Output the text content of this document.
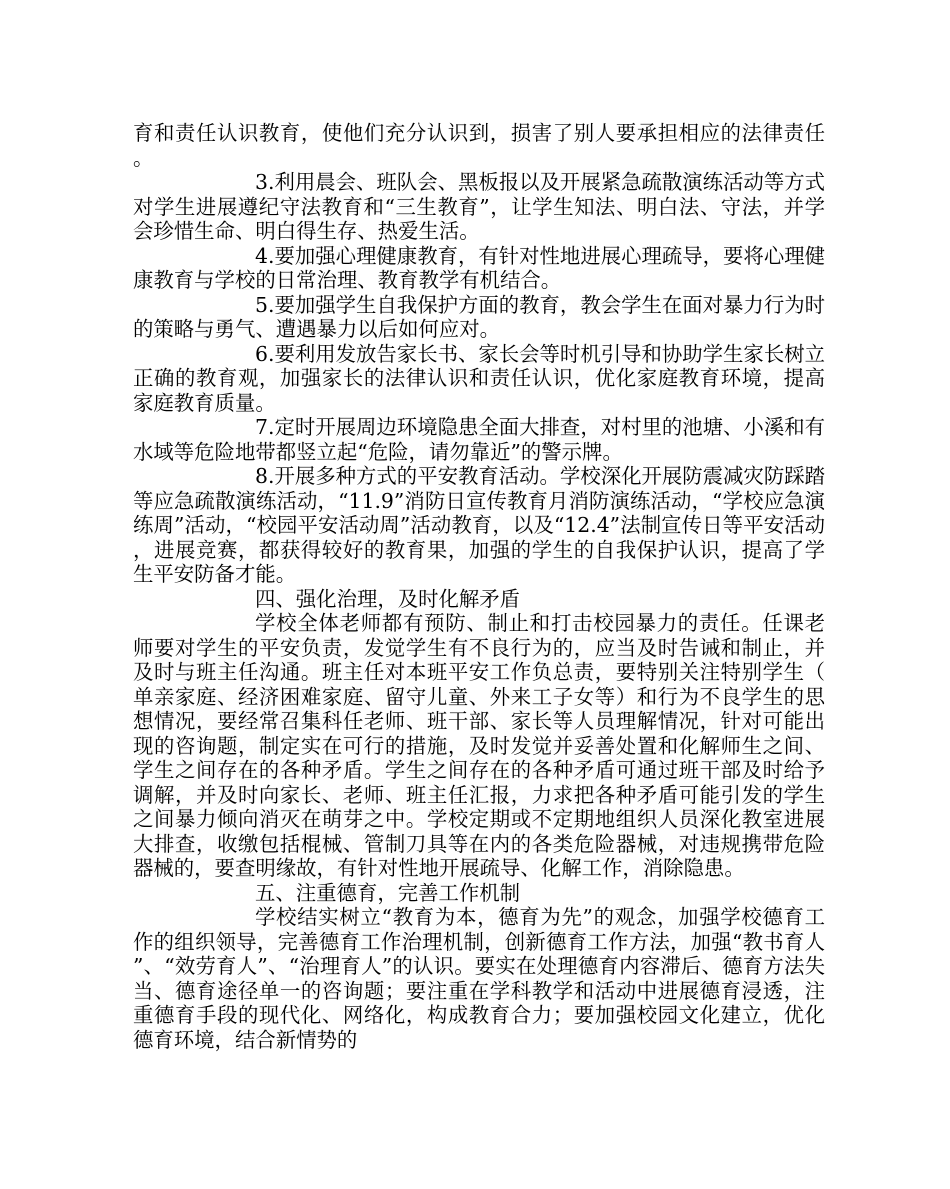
育和责任认识教育，使他们充分认识到，损害了别人要承担相应的法律责任。

3.利用晨会、班队会、黑板报以及开展紧急疏散演练活动等方式对学生进展遵纪守法教育和“三生教育”，让学生知法、明白法、守法，并学会珍惜生命、明白得生存、热爱生活。

4.要加强心理健康教育，有针对性地进展心理疏导，要将心理健康教育与学校的日常治理、教育教学有机结合。

5.要加强学生自我保护方面的教育，教会学生在面对暴力行为时的策略与勇气、遭遇暴力以后如何应对。

6.要利用发放告家长书、家长会等时机引导和协助学生家长树立正确的教育观，加强家长的法律认识和责任认识，优化家庭教育环境，提高家庭教育质量。

7.定时开展周边环境隐患全面大排查，对村里的池塘、小溪和有水域等危险地带都竖立起“危险，请勿靠近”的警示牌。

8.开展多种方式的平安教育活动。学校深化开展防震减灾防踩踏等应急疏散演练活动，“11.9”消防日宣传教育月消防演练活动，“学校应急演练周”活动，“校园平安活动周”活动教育，以及“12.4”法制宣传日等平安活动，进展竞赛，都获得较好的教育果，加强的学生的自我保护认识，提高了学生平安防备才能。

四、强化治理，及时化解矛盾

学校全体老师都有预防、制止和打击校园暴力的责任。任课老师要对学生的平安负责，发觉学生有不良行为的，应当及时告诫和制止，并及时与班主任沟通。班主任对本班平安工作负总责，要特别关注特别学生（单亲家庭、经济困难家庭、留守儿童、外来工子女等）和行为不良学生的思想情况，要经常召集科任老师、班干部、家长等人员理解情况，针对可能出现的咨询题，制定实在可行的措施，及时发觉并妥善处置和化解师生之间、学生之间存在的各种矛盾。学生之间存在的各种矛盾可通过班干部及时给予调解，并及时向家长、老师、班主任汇报，力求把各种矛盾可能引发的学生之间暴力倾向消灭在萌芽之中。学校定期或不定期地组织人员深化教室进展大排查，收缴包括棍械、管制刀具等在内的各类危险器械，对违规携带危险器械的，要查明缘故，有针对性地开展疏导、化解工作，消除隐患。

五、注重德育，完善工作机制

学校结实树立“教育为本，德育为先”的观念，加强学校德育工作的组织领导，完善德育工作治理机制，创新德育工作方法，加强“教书育人”、“效劳育人”、“治理育人”的认识。要实在处理德育内容滞后、德育方法失当、德育途径单一的咨询题；要注重在学科教学和活动中进展德育浸透，注重德育手段的现代化、网络化，构成教育合力；要加强校园文化建立，优化德育环境，结合新情势的
